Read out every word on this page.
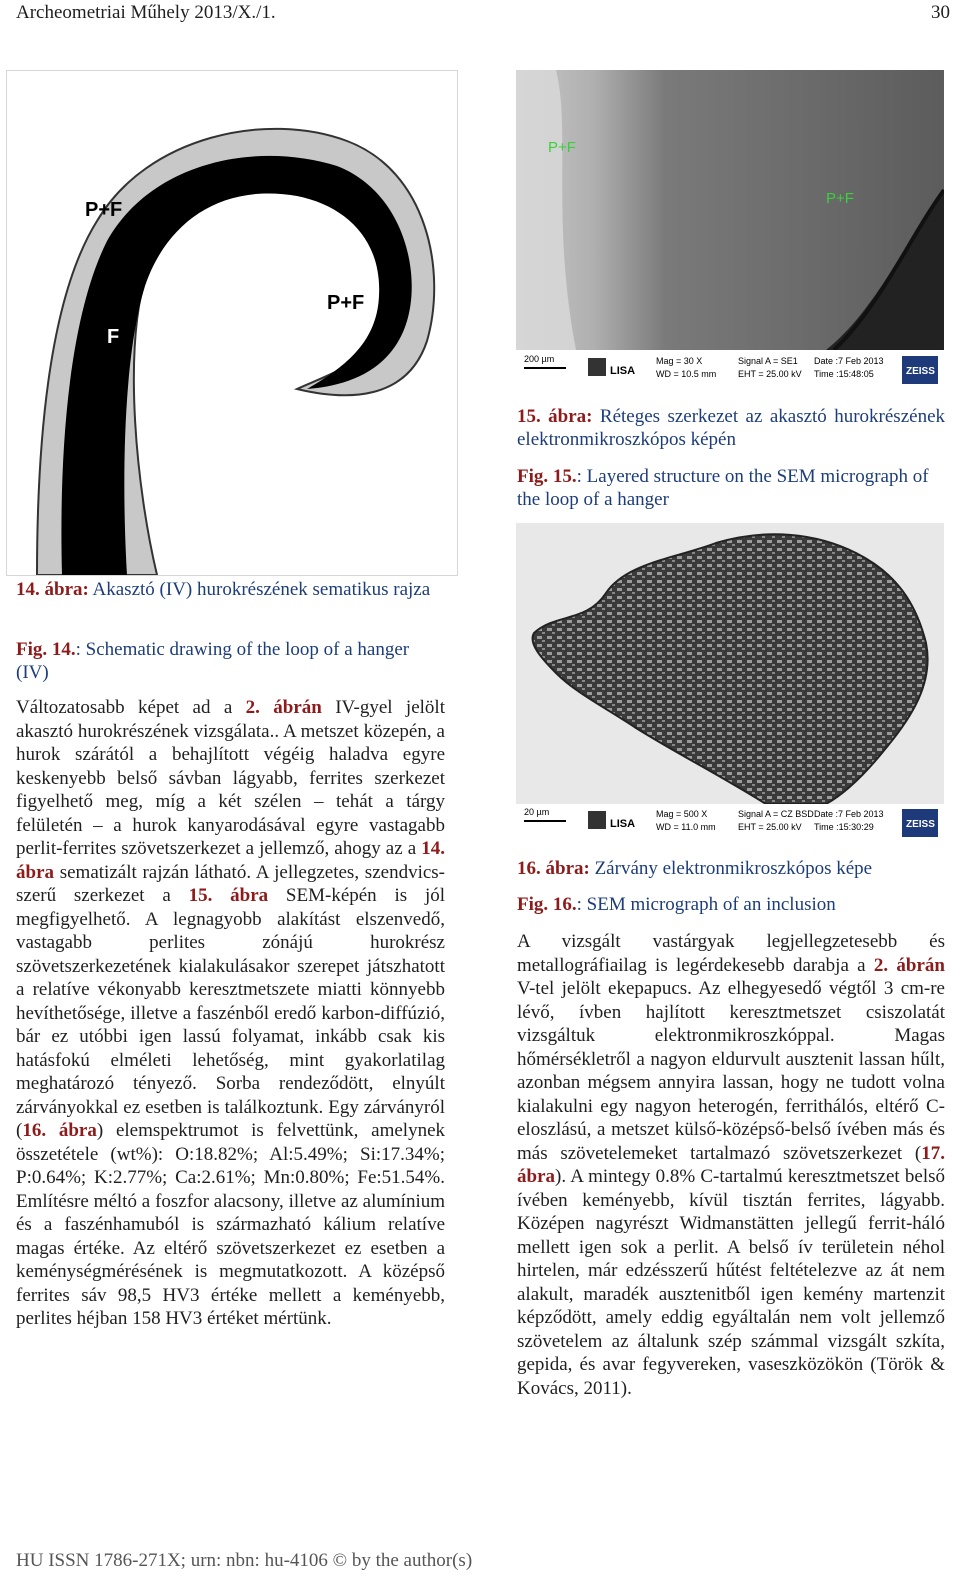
Archeometriai Műhely 2013/X./1.	30
P+F
P+F
F
14. ábra: Akasztó (IV) hurokrészének sematikus rajza
Fig. 14.: Schematic drawing of the loop of a hanger (IV)
P+F
P+F
200 µm
LISA
Mag = 30 X
WD = 10.5 mm
Signal A = SE1
EHT = 25.00 kV
Date :7 Feb 2013
Time :15:48:05	ZEISS
15. ábra: Réteges szerkezet az akasztó hurokrészének elektronmikroszkópos képén
Fig. 15.: Layered structure on the SEM micrograph of the loop of a hanger
20 µm
LISA
Mag = 500 X
WD = 11.0 mm
Signal A = CZ BSD
EHT = 25.00 kV
Date :7 Feb 2013
Time :15:30:29	ZEISS
16. ábra: Zárvány elektronmikroszkópos képe
Fig. 16.: SEM micrograph of an inclusion

Változatosabb képet ad a 2. ábrán IV-gyel jelölt akasztó hurokrészének vizsgálata.. A metszet közepén, a hurok szárától a behajlított végéig haladva egyre keskenyebb belső sávban lágyabb, ferrites szerkezet figyelhető meg, míg a két szélen – tehát a tárgy felületén – a hurok kanyarodásával egyre vastagabb perlit-ferrites szövetszerkezet a jellemző, ahogy az a 14. ábra sematizált rajzán látható. A jellegzetes, szendvics-szerű szerkezet a 15. ábra SEM-képén is jól megfigyelhető. A legnagyobb alakítást elszenvedő, vastagabb perlites zónájú hurokrész szövetszerkezetének kialakulásakor szerepet játszhatott a relatíve vékonyabb keresztmetszete miatti könnyebb hevíthetősége, illetve a faszénből eredő karbon-diffúzió, bár ez utóbbi igen lassú folyamat, inkább csak kis hatásfokú elméleti lehetőség, mint gyakorlatilag meghatározó tényező. Sorba rendeződött, elnyúlt zárványokkal ez esetben is találkoztunk. Egy zárványról (16. ábra) elemspektrumot is felvettünk, amelynek összetétele (wt%): O:18.82%; Al:5.49%; Si:17.34%; P:0.64%; K:2.77%; Ca:2.61%; Mn:0.80%; Fe:51.54%. Említésre méltó a foszfor alacsony, illetve az alumínium és a faszénhamuból is származható kálium relatíve magas értéke. Az eltérő szövetszerkezet ez esetben a keménységmérésének is megmutatkozott. A középső ferrites sáv 98,5 HV3 értéke mellett a keményebb, perlites héjban 158 HV3 értéket mértünk.

A vizsgált vastárgyak legjellegzetesebb és metallográfiailag is legérdekesebb darabja a 2. ábrán V-tel jelölt ekepapucs. Az elhegyesedő végtől 3 cm-re lévő, ívben hajlított keresztmetszet csiszolatát vizsgáltuk elektronmikroszkóppal. Magas hőmérsékletről a nagyon eldurvult ausztenit lassan hűlt, azonban mégsem annyira lassan, hogy ne tudott volna kialakulni egy nagyon heterogén, ferrithálós, eltérő C-eloszlású, a metszet külső-középső-belső ívében más és más szövetelemeket tartalmazó szövetszerkezet (17. ábra). A mintegy 0.8% C-tartalmú keresztmetszet belső ívében keményebb, kívül tisztán ferrites, lágyabb. Középen nagyrészt Widmanstätten jellegű ferrit-háló mellett igen sok a perlit. A belső ív területein néhol hirtelen, már edzésszerű hűtést feltételezve az át nem alakult, maradék ausztenitből igen kemény martenzit képződött, amely eddig egyáltalán nem volt jellemző szövetelem az általunk szép számmal vizsgált szkíta, gepida, és avar fegyvereken, vaseszközökön (Török & Kovács, 2011).

HU ISSN 1786-271X; urn: nbn: hu-4106 © by the author(s)
